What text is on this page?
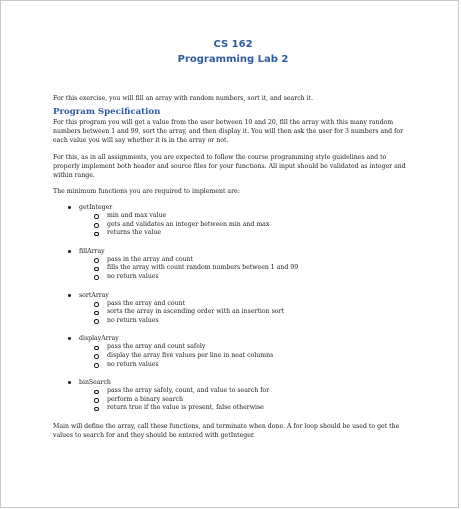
CS 162
Programming Lab 2
For this exercise, you will fill an array with random numbers, sort it, and search it.
Program Specification
For this program you will get a value from the user between 10 and 20, fill the array with this many random numbers between 1 and 99, sort the array, and then display it. You will then ask the user for 3 numbers and for each value you will say whether it is in the array or not.
For this, as in all assignments, you are expected to follow the course programming style guidelines and to properly implement both header and source files for your functions. All input should be validated as integer and within range.
The minimum functions you are required to implement are:
getInteger
min and max value
gets and validates an integer between min and max
returns the value
fillArray
pass in the array and count
fills the array with count random numbers between 1 and 99
no return values
sortArray
pass the array and count
sorts the array in ascending order with an insertion sort
no return values
displayArray
pass the array and count safely
display the array five values per line in neat columns
no return values
binSearch
pass the array safely, count, and value to search for
perform a binary search
return true if the value is present, false otherwise
Main will define the array, call these functions, and terminate when done. A for loop should be used to get the values to search for and they should be entered with getInteger.
